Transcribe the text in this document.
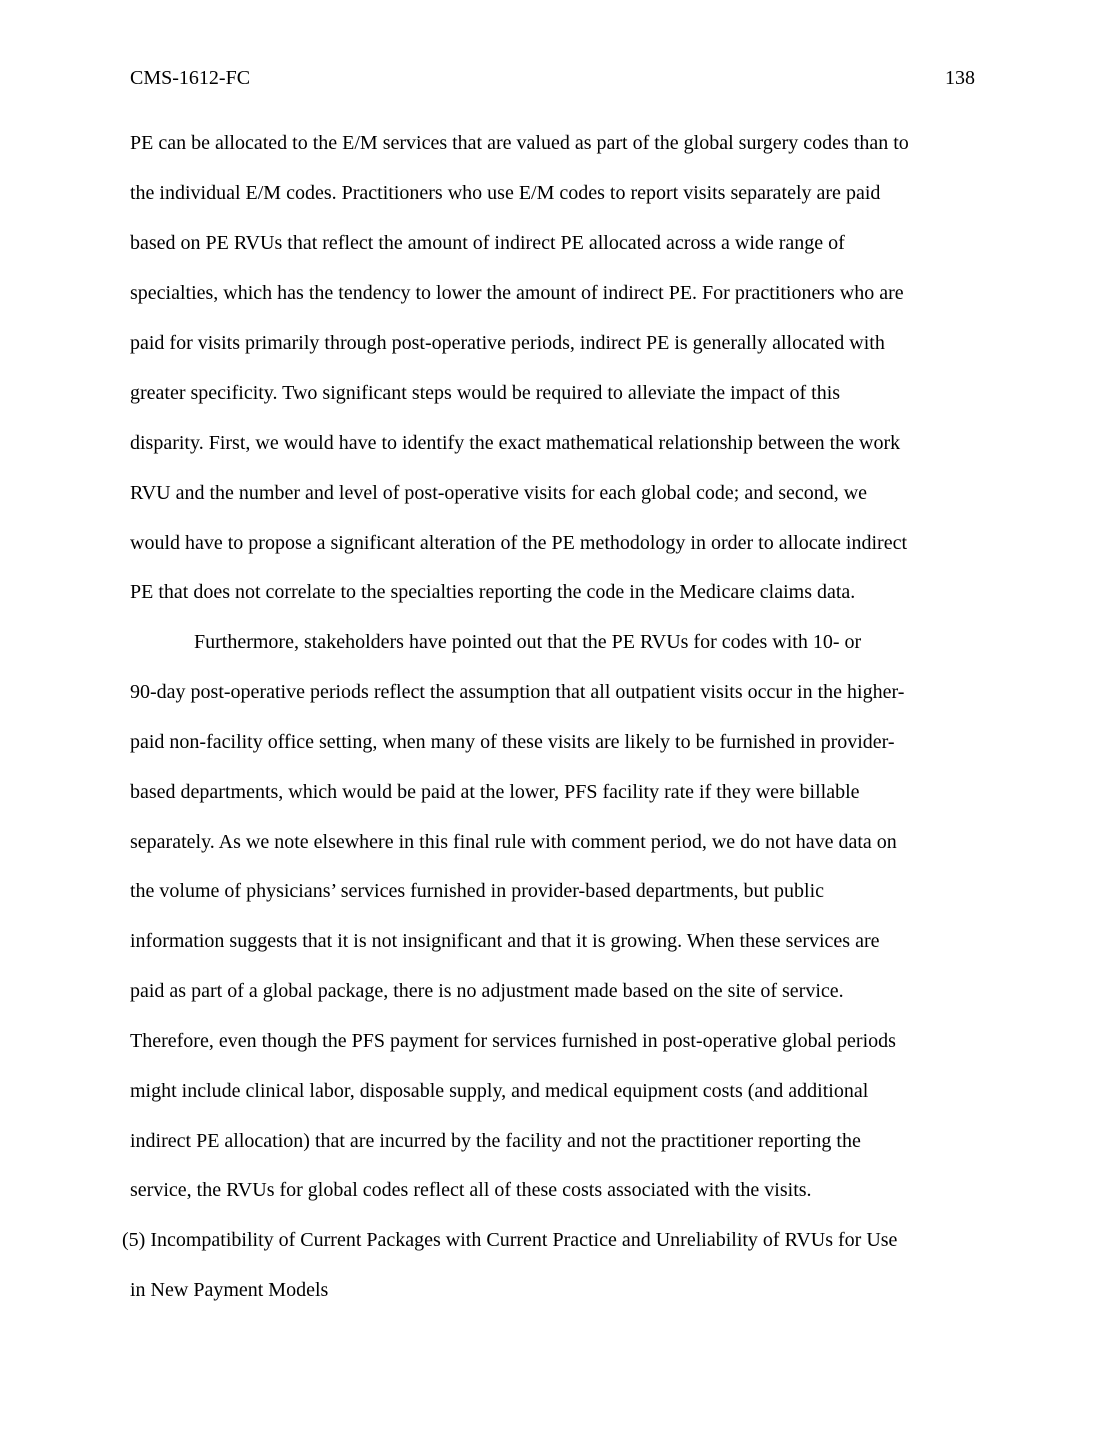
CMS-1612-FC	138
PE can be allocated to the E/M services that are valued as part of the global surgery codes than to
the individual E/M codes. Practitioners who use E/M codes to report visits separately are paid
based on PE RVUs that reflect the amount of indirect PE allocated across a wide range of
specialties, which has the tendency to lower the amount of indirect PE. For practitioners who are
paid for visits primarily through post-operative periods, indirect PE is generally allocated with
greater specificity. Two significant steps would be required to alleviate the impact of this
disparity. First, we would have to identify the exact mathematical relationship between the work
RVU and the number and level of post-operative visits for each global code; and second, we
would have to propose a significant alteration of the PE methodology in order to allocate indirect
PE that does not correlate to the specialties reporting the code in the Medicare claims data.
Furthermore, stakeholders have pointed out that the PE RVUs for codes with 10- or
90-day post-operative periods reflect the assumption that all outpatient visits occur in the higher-
paid non-facility office setting, when many of these visits are likely to be furnished in provider-
based departments, which would be paid at the lower, PFS facility rate if they were billable
separately. As we note elsewhere in this final rule with comment period, we do not have data on
the volume of physicians’ services furnished in provider-based departments, but public
information suggests that it is not insignificant and that it is growing. When these services are
paid as part of a global package, there is no adjustment made based on the site of service.
Therefore, even though the PFS payment for services furnished in post-operative global periods
might include clinical labor, disposable supply, and medical equipment costs (and additional
indirect PE allocation) that are incurred by the facility and not the practitioner reporting the
service, the RVUs for global codes reflect all of these costs associated with the visits.
(5) Incompatibility of Current Packages with Current Practice and Unreliability of RVUs for Use
in New Payment Models
